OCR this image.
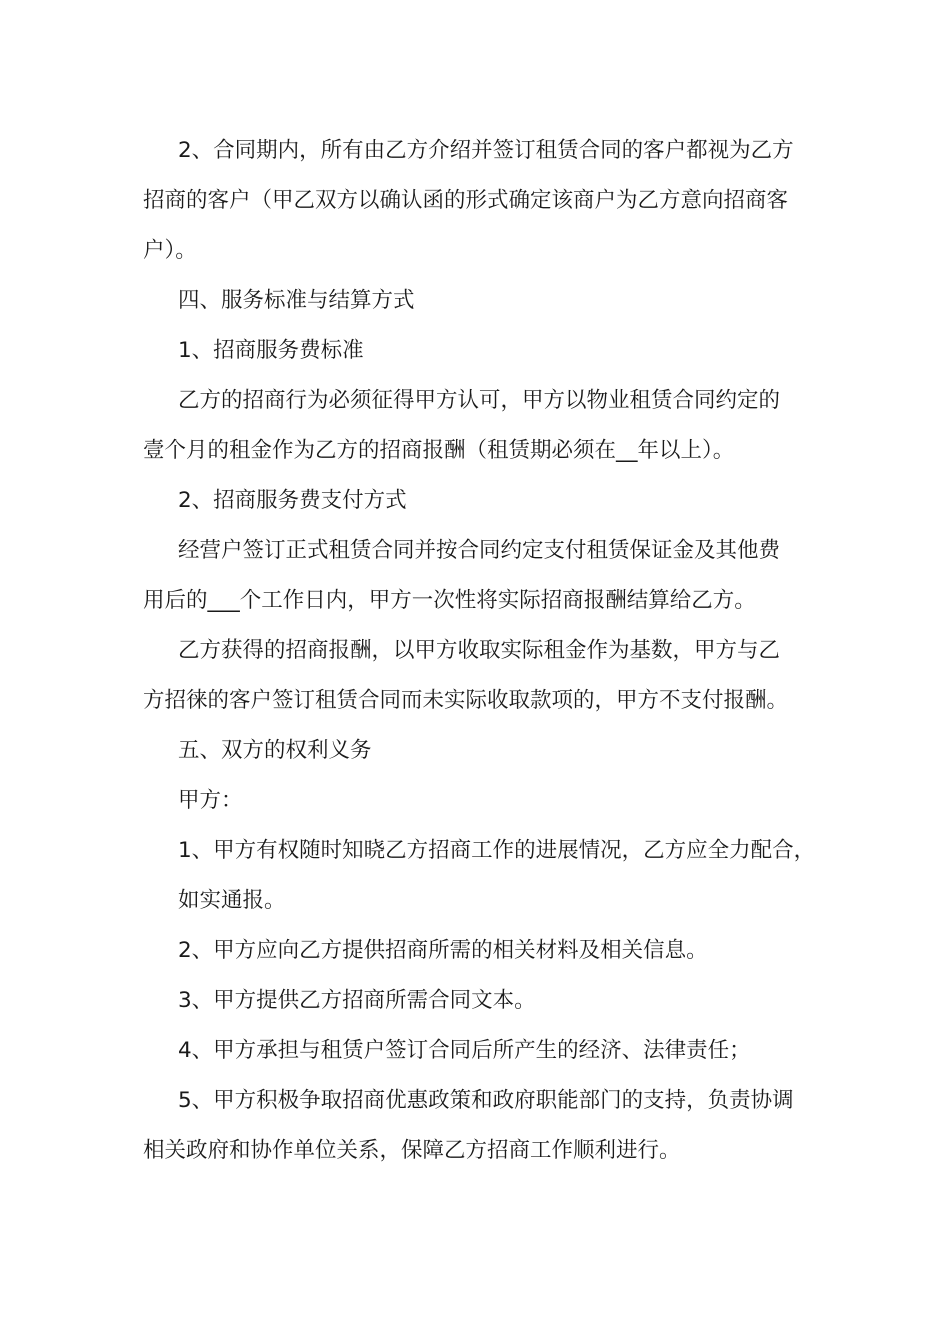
2、合同期内，所有由乙方介绍并签订租赁合同的客户都视为乙方
招商的客户（甲乙双方以确认函的形式确定该商户为乙方意向招商客
户）。
四、服务标准与结算方式
1、招商服务费标准
乙方的招商行为必须征得甲方认可，甲方以物业租赁合同约定的
壹个月的租金作为乙方的招商报酬（租赁期必须在__年以上）。
2、招商服务费支付方式
经营户签订正式租赁合同并按合同约定支付租赁保证金及其他费
用后的___个工作日内，甲方一次性将实际招商报酬结算给乙方。
乙方获得的招商报酬，以甲方收取实际租金作为基数，甲方与乙
方招徕的客户签订租赁合同而未实际收取款项的，甲方不支付报酬。
五、双方的权利义务
甲方：
1、甲方有权随时知晓乙方招商工作的进展情况，乙方应全力配合，
如实通报。
2、甲方应向乙方提供招商所需的相关材料及相关信息。
3、甲方提供乙方招商所需合同文本。
4、甲方承担与租赁户签订合同后所产生的经济、法律责任；
5、甲方积极争取招商优惠政策和政府职能部门的支持，负责协调
相关政府和协作单位关系，保障乙方招商工作顺利进行。
